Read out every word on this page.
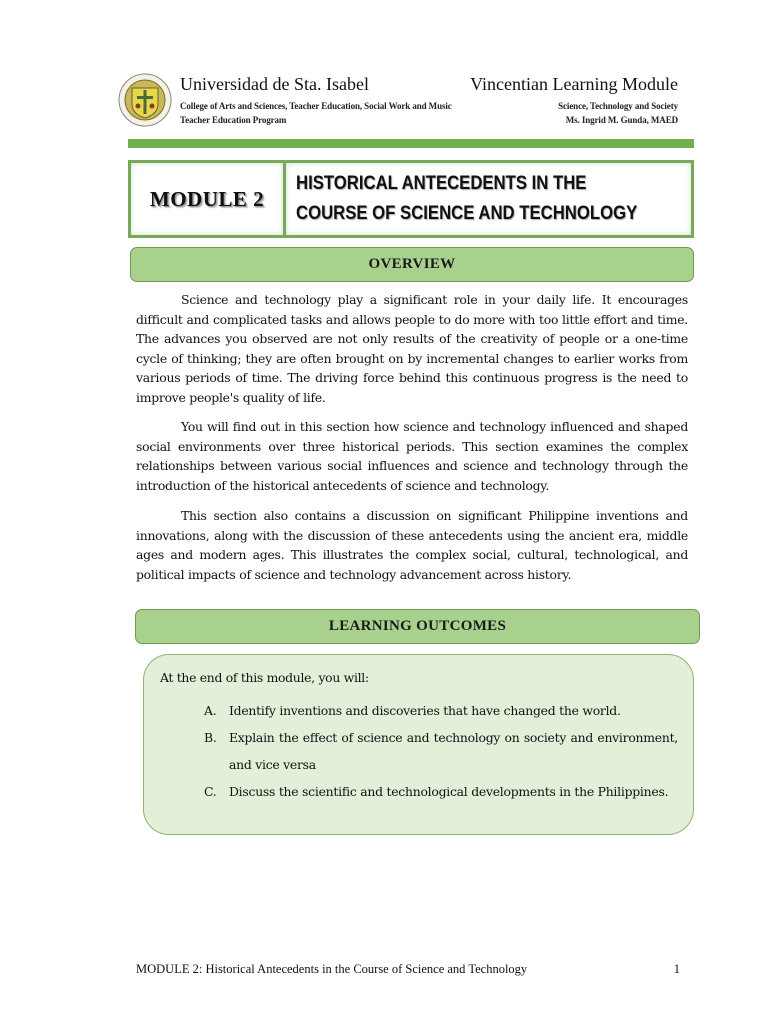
Universidad de Sta. Isabel
College of Arts and Sciences, Teacher Education, Social Work and Music
Teacher Education Program
Vincentian Learning Module
Science, Technology and Society
Ms. Ingrid M. Gunda, MAED
MODULE 2
HISTORICAL ANTECEDENTS IN THE
COURSE OF SCIENCE AND TECHNOLOGY
OVERVIEW

Science and technology play a significant role in your daily life. It encourages difficult and complicated tasks and allows people to do more with too little effort and time. The advances you observed are not only results of the creativity of people or a one-time cycle of thinking; they are often brought on by incremental changes to earlier works from various periods of time. The driving force behind this continuous progress is the need to improve people's quality of life.

You will find out in this section how science and technology influenced and shaped social environments over three historical periods. This section examines the complex relationships between various social influences and science and technology through the introduction of the historical antecedents of science and technology.

This section also contains a discussion on significant Philippine inventions and innovations, along with the discussion of these antecedents using the ancient era, middle ages and modern ages. This illustrates the complex social, cultural, technological, and political impacts of science and technology advancement across history.

LEARNING OUTCOMES
At the end of this module, you will:
A.	Identify inventions and discoveries that have changed the world.
B.	Explain the effect of science and technology on society and environment, and vice versa
C.	Discuss the scientific and technological developments in the Philippines.
MODULE 2: Historical Antecedents in the Course of Science and Technology	1
